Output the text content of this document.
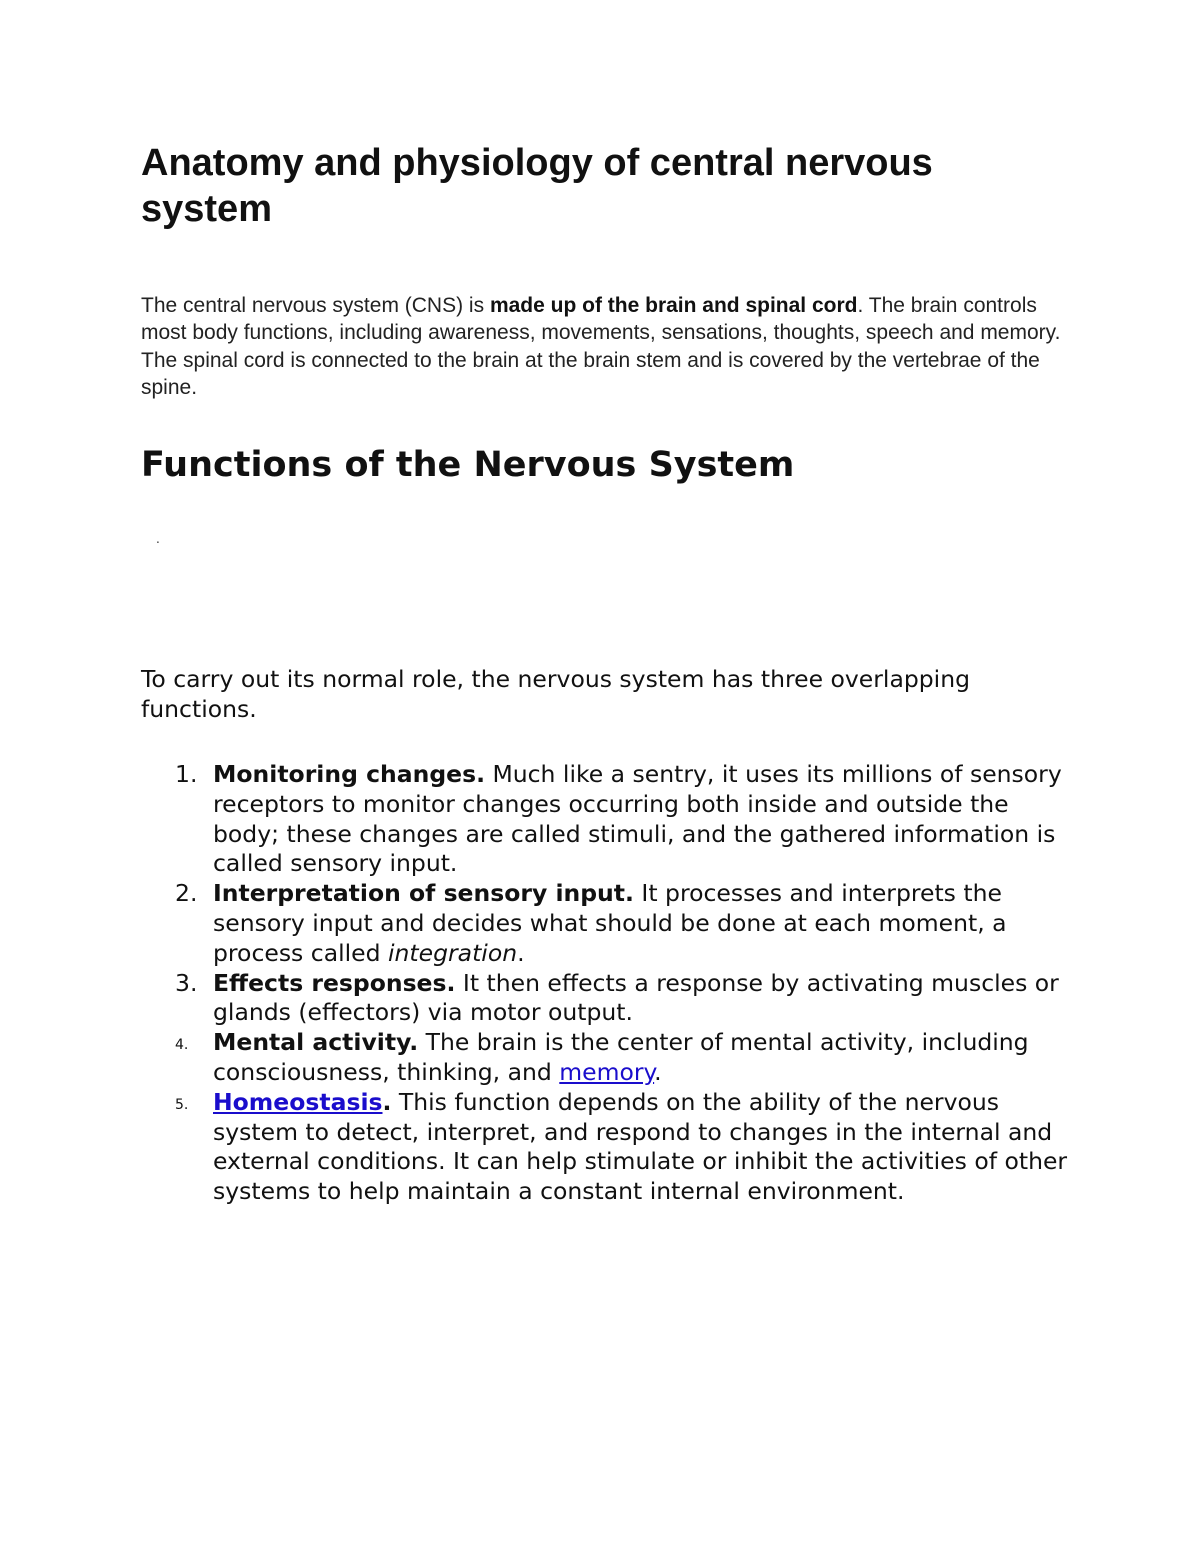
Anatomy and physiology of central nervous system

The central nervous system (CNS) is made up of the brain and spinal cord. The brain controls most body functions, including awareness, movements, sensations, thoughts, speech and memory. The spinal cord is connected to the brain at the brain stem and is covered by the vertebrae of the spine.

Functions of the Nervous System
.

To carry out its normal role, the nervous system has three overlapping functions.

1. Monitoring changes. Much like a sentry, it uses its millions of sensory receptors to monitor changes occurring both inside and outside the body; these changes are called stimuli, and the gathered information is called sensory input.
2. Interpretation of sensory input. It processes and interprets the sensory input and decides what should be done at each moment, a process called integration.
3. Effects responses. It then effects a response by activating muscles or glands (effectors) via motor output.
4. Mental activity. The brain is the center of mental activity, including consciousness, thinking, and memory.
5. Homeostasis. This function depends on the ability of the nervous system to detect, interpret, and respond to changes in the internal and external conditions. It can help stimulate or inhibit the activities of other systems to help maintain a constant internal environment.
